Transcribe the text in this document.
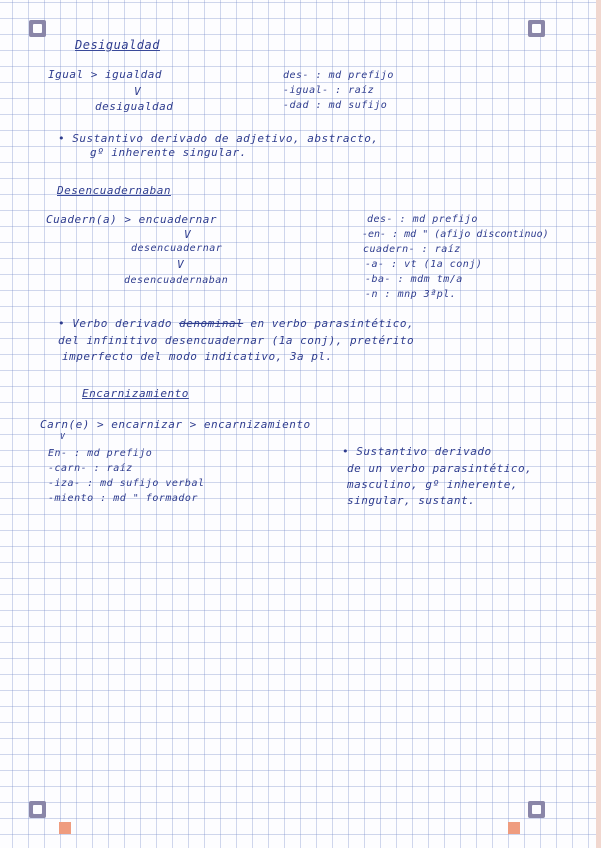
Desigualdad
Igual > igualdad
V
desigualdad
des- : md prefijo
-igual- : raíz
-dad : md sufijo
• Sustantivo derivado de adjetivo, abstracto,
gº inherente singular.
Desencuadernaban
Cuadern(a) > encuadernar
V
desencuadernar
V
desencuadernaban
des- : md prefijo
-en- : md " (afijo discontinuo)
cuadern- : raíz
-a- : vt (1a conj)
-ba- : mdm tm/a
-n : mnp 3ªpl.
• Verbo derivado denominal en verbo parasintético,
del infinitivo desencuadernar (1a conj), pretérito
imperfecto del modo indicativo, 3a pl.
Encarnizamiento
Carn(e) > encarnizar > encarnizamiento
V
En- : md prefijo
-carn- : raíz
-iza- : md sufijo verbal
-miento : md " formador
• Sustantivo derivado
de un verbo parasintético,
masculino, gº inherente,
singular, sustant.
